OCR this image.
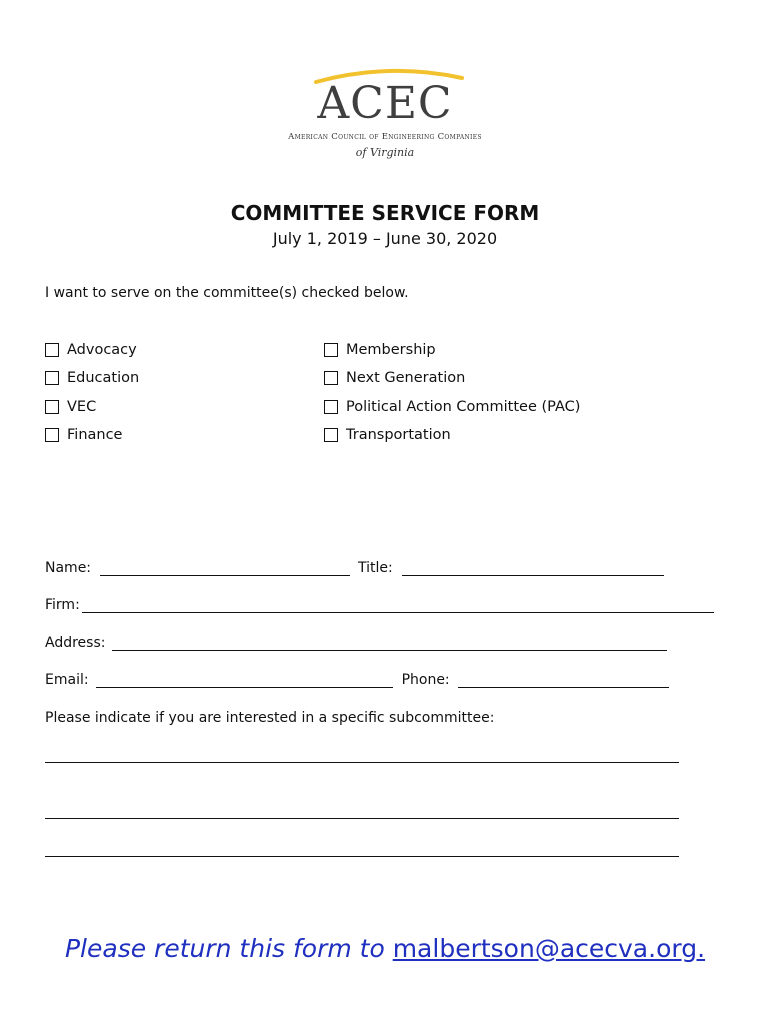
ACEC
American Council of Engineering Companies
of Virginia
COMMITTEE SERVICE FORM
July 1, 2019 – June 30, 2020
I want to serve on the committee(s) checked below.
Advocacy
Education
VEC
Finance
Membership
Next Generation
Political Action Committee (PAC)
Transportation
Name:	Title:
Firm:
Address:
Email:	Phone:
Please indicate if you are interested in a specific subcommittee:
Please return this form to malbertson@acecva.org.
